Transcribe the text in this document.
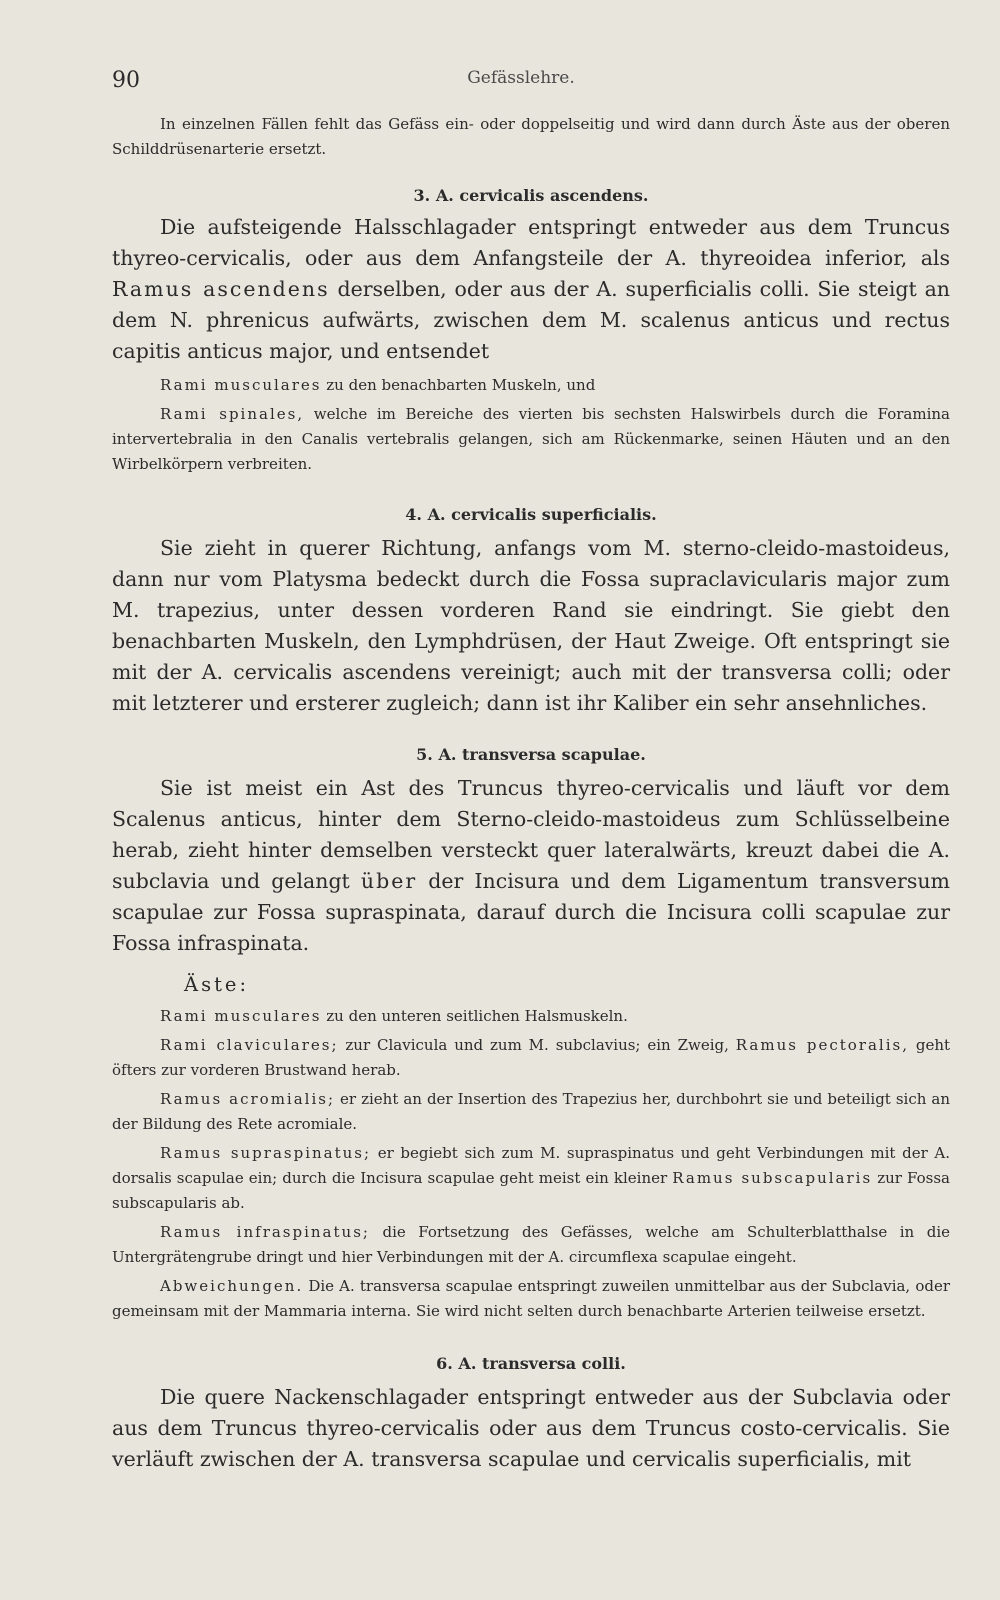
90	Gefässlehre.

In einzelnen Fällen fehlt das Gefäss ein- oder doppelseitig und wird dann durch Äste aus der oberen Schilddrüsenarterie ersetzt.

3. A. cervicalis ascendens.

Die aufsteigende Halsschlagader entspringt entweder aus dem Truncus thyreo-cervicalis, oder aus dem Anfangsteile der A. thyreoidea inferior, als Ramus ascendens derselben, oder aus der A. superficialis colli. Sie steigt an dem N. phrenicus aufwärts, zwischen dem M. scalenus anticus und rectus capitis anticus major, und entsendet

Rami musculares zu den benachbarten Muskeln, und

Rami spinales, welche im Bereiche des vierten bis sechsten Halswirbels durch die Foramina intervertebralia in den Canalis vertebralis gelangen, sich am Rückenmarke, seinen Häuten und an den Wirbelkörpern verbreiten.

4. A. cervicalis superficialis.

Sie zieht in querer Richtung, anfangs vom M. sterno-cleido-mastoideus, dann nur vom Platysma bedeckt durch die Fossa supraclavicularis major zum M. trapezius, unter dessen vorderen Rand sie eindringt. Sie giebt den benachbarten Muskeln, den Lymphdrüsen, der Haut Zweige. Oft entspringt sie mit der A. cervicalis ascendens vereinigt; auch mit der transversa colli; oder mit letzterer und ersterer zugleich; dann ist ihr Kaliber ein sehr ansehnliches.

5. A. transversa scapulae.

Sie ist meist ein Ast des Truncus thyreo-cervicalis und läuft vor dem Scalenus anticus, hinter dem Sterno-cleido-mastoideus zum Schlüsselbeine herab, zieht hinter demselben versteckt quer lateralwärts, kreuzt dabei die A. subclavia und gelangt über der Incisura und dem Ligamentum transversum scapulae zur Fossa supraspinata, darauf durch die Incisura colli scapulae zur Fossa infraspinata.

Äste:

Rami musculares zu den unteren seitlichen Halsmuskeln.

Rami claviculares; zur Clavicula und zum M. subclavius; ein Zweig, Ramus pectoralis, geht öfters zur vorderen Brustwand herab.

Ramus acromialis; er zieht an der Insertion des Trapezius her, durchbohrt sie und beteiligt sich an der Bildung des Rete acromiale.

Ramus supraspinatus; er begiebt sich zum M. supraspinatus und geht Verbindungen mit der A. dorsalis scapulae ein; durch die Incisura scapulae geht meist ein kleiner Ramus subscapularis zur Fossa subscapularis ab.

Ramus infraspinatus; die Fortsetzung des Gefässes, welche am Schulterblatthalse in die Untergrätengrube dringt und hier Verbindungen mit der A. circumflexa scapulae eingeht.

Abweichungen. Die A. transversa scapulae entspringt zuweilen unmittelbar aus der Subclavia, oder gemeinsam mit der Mammaria interna. Sie wird nicht selten durch benachbarte Arterien teilweise ersetzt.

6. A. transversa colli.

Die quere Nackenschlagader entspringt entweder aus der Subclavia oder aus dem Truncus thyreo-cervicalis oder aus dem Truncus costo-cervicalis. Sie verläuft zwischen der A. transversa scapulae und cervicalis superficialis, mit
